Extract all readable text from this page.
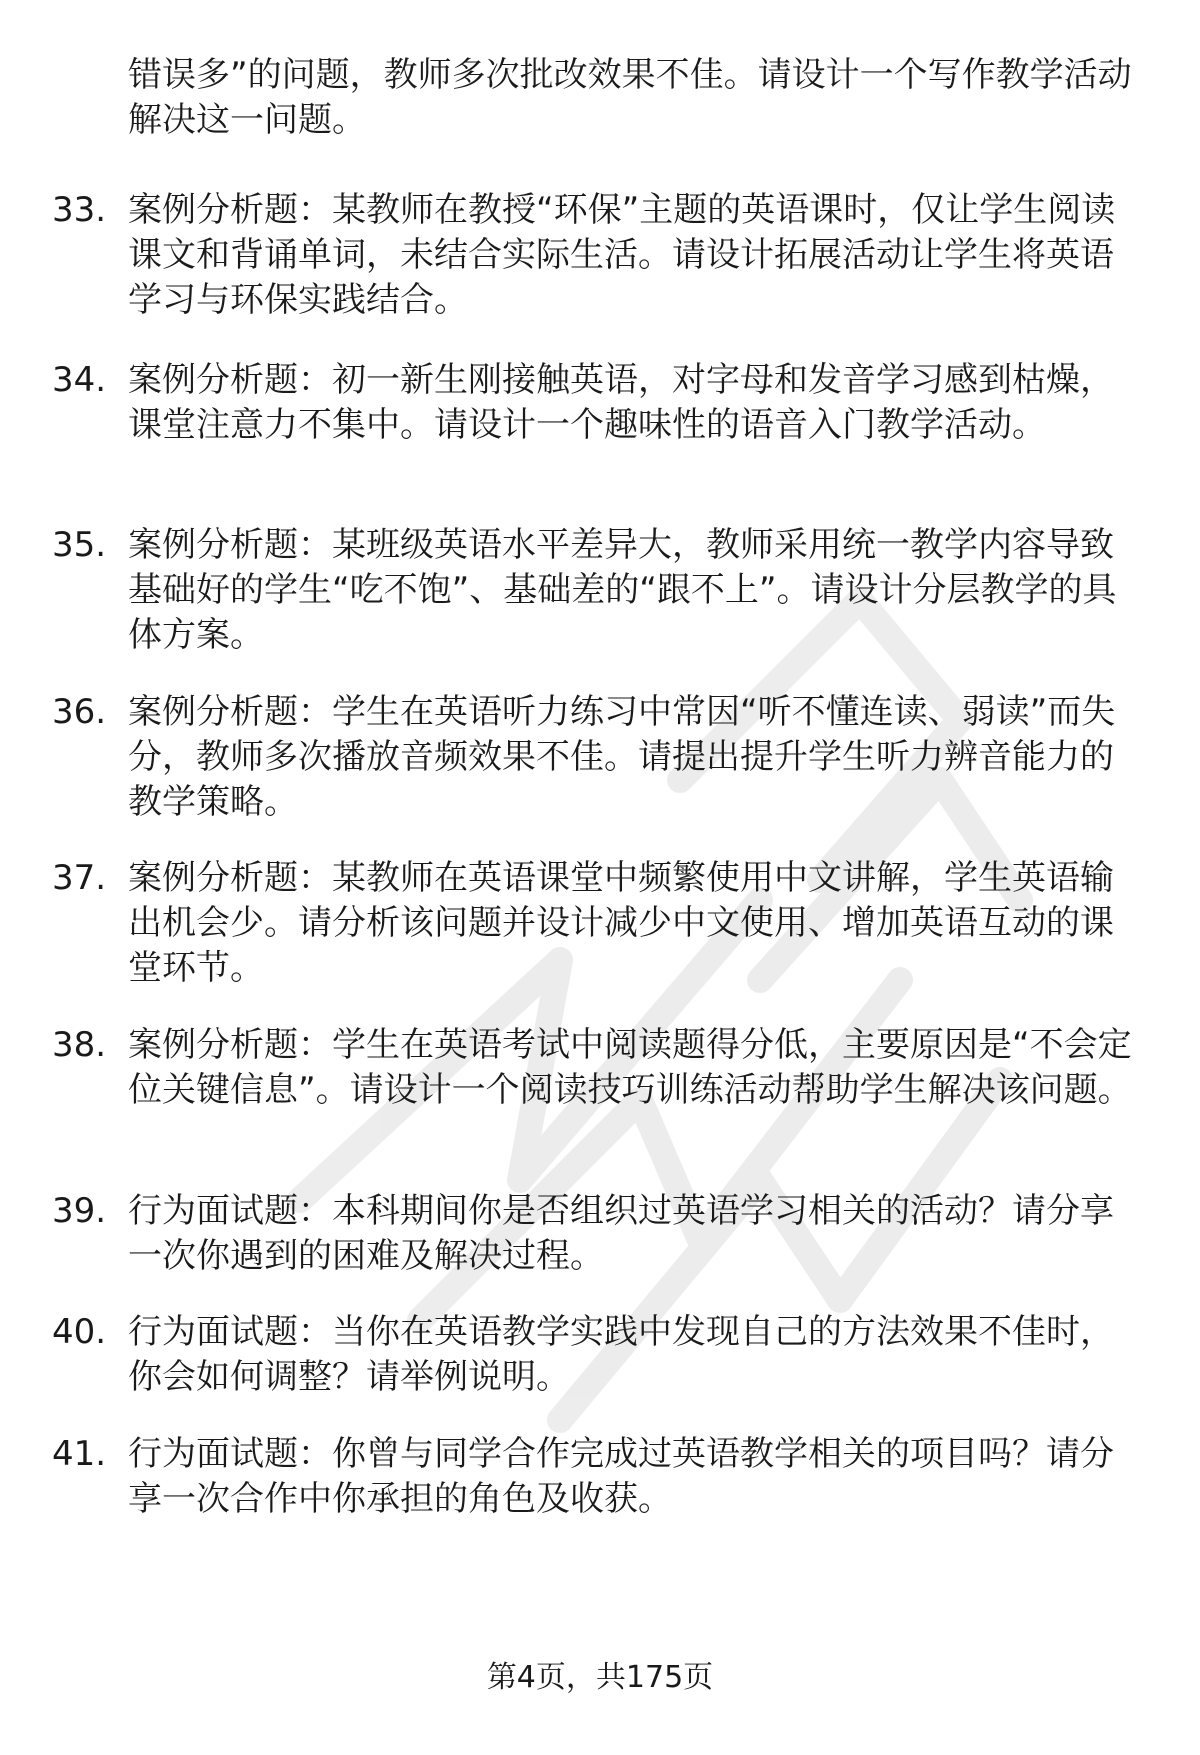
错误多”的问题，教师多次批改效果不佳。请设计一个写作教学活动解决这一问题。

33. 案例分析题：某教师在教授“环保”主题的英语课时，仅让学生阅读课文和背诵单词，未结合实际生活。请设计拓展活动让学生将英语学习与环保实践结合。
34. 案例分析题：初一新生刚接触英语，对字母和发音学习感到枯燥，课堂注意力不集中。请设计一个趣味性的语音入门教学活动。
35. 案例分析题：某班级英语水平差异大，教师采用统一教学内容导致基础好的学生“吃不饱”、基础差的“跟不上”。请设计分层教学的具体方案。
36. 案例分析题：学生在英语听力练习中常因“听不懂连读、弱读”而失分，教师多次播放音频效果不佳。请提出提升学生听力辨音能力的教学策略。
37. 案例分析题：某教师在英语课堂中频繁使用中文讲解，学生英语输出机会少。请分析该问题并设计减少中文使用、增加英语互动的课堂环节。
38. 案例分析题：学生在英语考试中阅读题得分低，主要原因是“不会定位关键信息”。请设计一个阅读技巧训练活动帮助学生解决该问题。
39. 行为面试题：本科期间你是否组织过英语学习相关的活动？请分享一次你遇到的困难及解决过程。
40. 行为面试题：当你在英语教学实践中发现自己的方法效果不佳时，你会如何调整？请举例说明。
41. 行为面试题：你曾与同学合作完成过英语教学相关的项目吗？请分享一次合作中你承担的角色及收获。
第4页，共175页
